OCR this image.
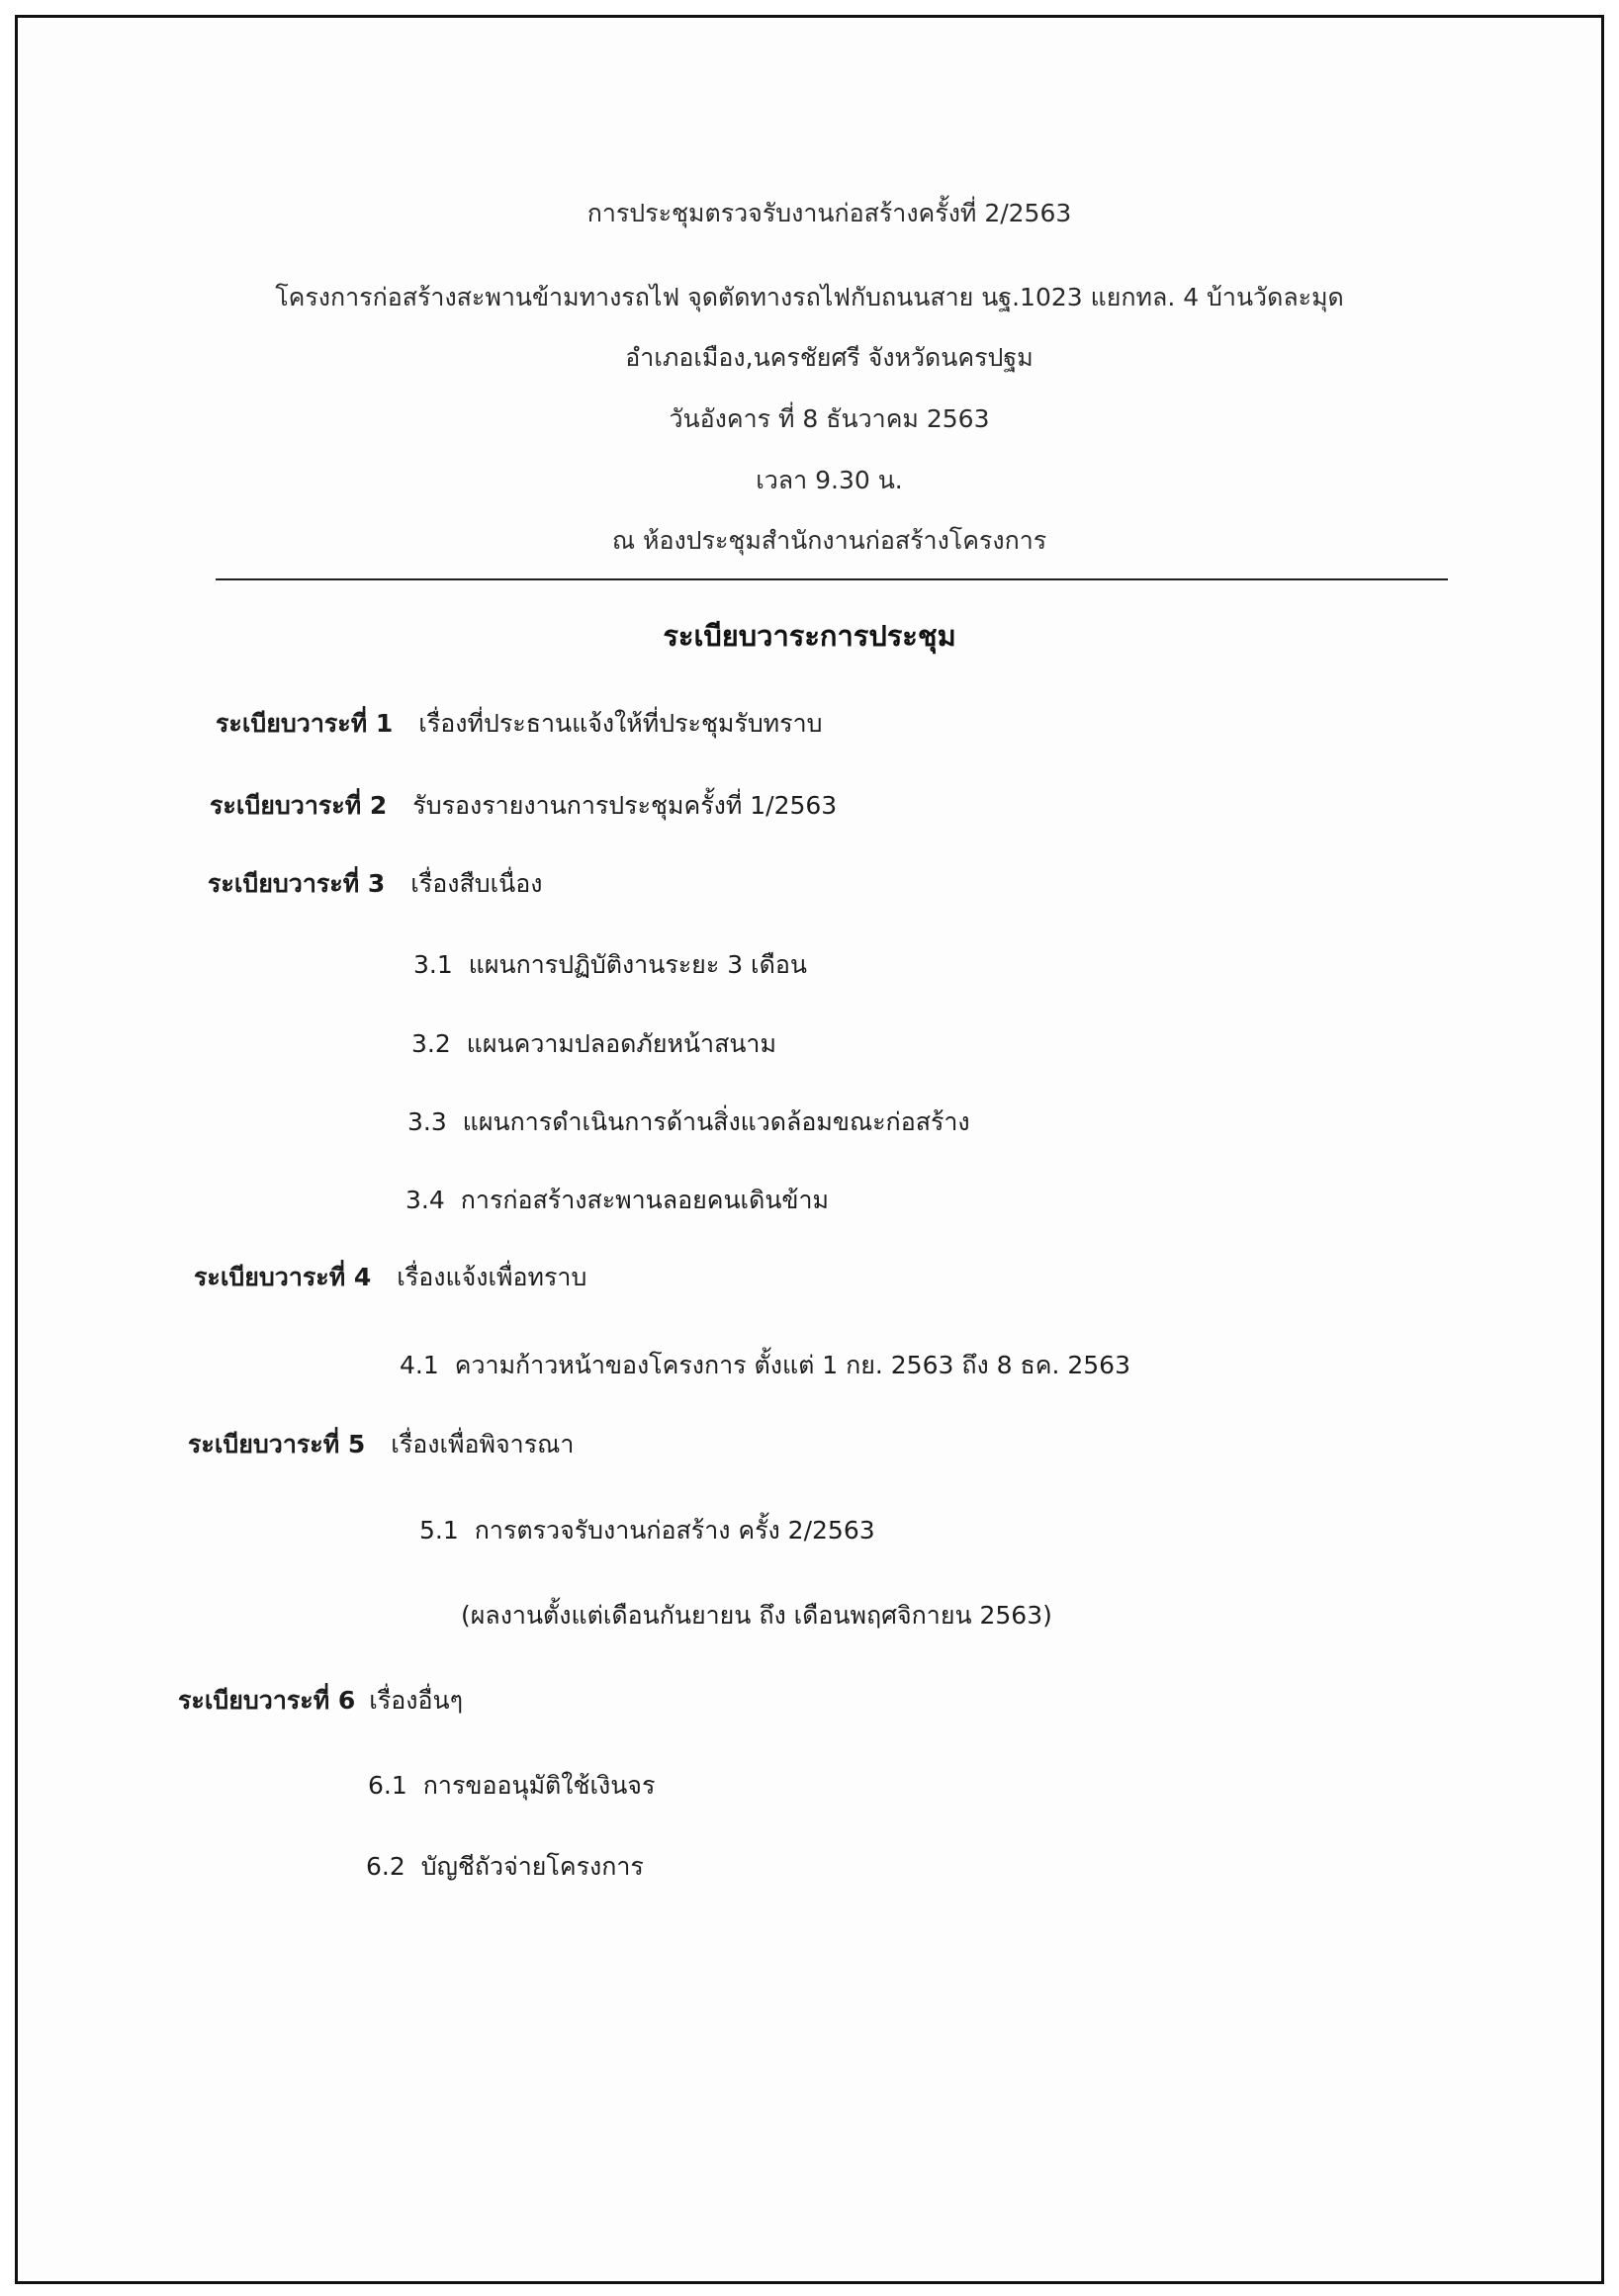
การประชุมตรวจรับงานก่อสร้างครั้งที่ 2/2563
โครงการก่อสร้างสะพานข้ามทางรถไฟ จุดตัดทางรถไฟกับถนนสาย นฐ.1023 แยกทล. 4 บ้านวัดละมุด
อำเภอเมือง,นครชัยศรี จังหวัดนครปฐม
วันอังคาร ที่ 8 ธันวาคม 2563
เวลา 9.30 น.
ณ ห้องประชุมสำนักงานก่อสร้างโครงการ
ระเบียบวาระการประชุม
ระเบียบวาระที่ 1 เรื่องที่ประธานแจ้งให้ที่ประชุมรับทราบ
ระเบียบวาระที่ 2 รับรองรายงานการประชุมครั้งที่ 1/2563
ระเบียบวาระที่ 3 เรื่องสืบเนื่อง
3.1 แผนการปฏิบัติงานระยะ 3 เดือน
3.2 แผนความปลอดภัยหน้าสนาม
3.3 แผนการดำเนินการด้านสิ่งแวดล้อมขณะก่อสร้าง
3.4 การก่อสร้างสะพานลอยคนเดินข้าม
ระเบียบวาระที่ 4 เรื่องแจ้งเพื่อทราบ
4.1 ความก้าวหน้าของโครงการ ตั้งแต่ 1 กย. 2563 ถึง 8 ธค. 2563
ระเบียบวาระที่ 5 เรื่องเพื่อพิจารณา
5.1 การตรวจรับงานก่อสร้าง ครั้ง 2/2563
(ผลงานตั้งแต่เดือนกันยายน ถึง เดือนพฤศจิกายน 2563)
ระเบียบวาระที่ 6 เรื่องอื่นๆ
6.1 การขออนุมัติใช้เงินจร
6.2 บัญชีถัวจ่ายโครงการ
